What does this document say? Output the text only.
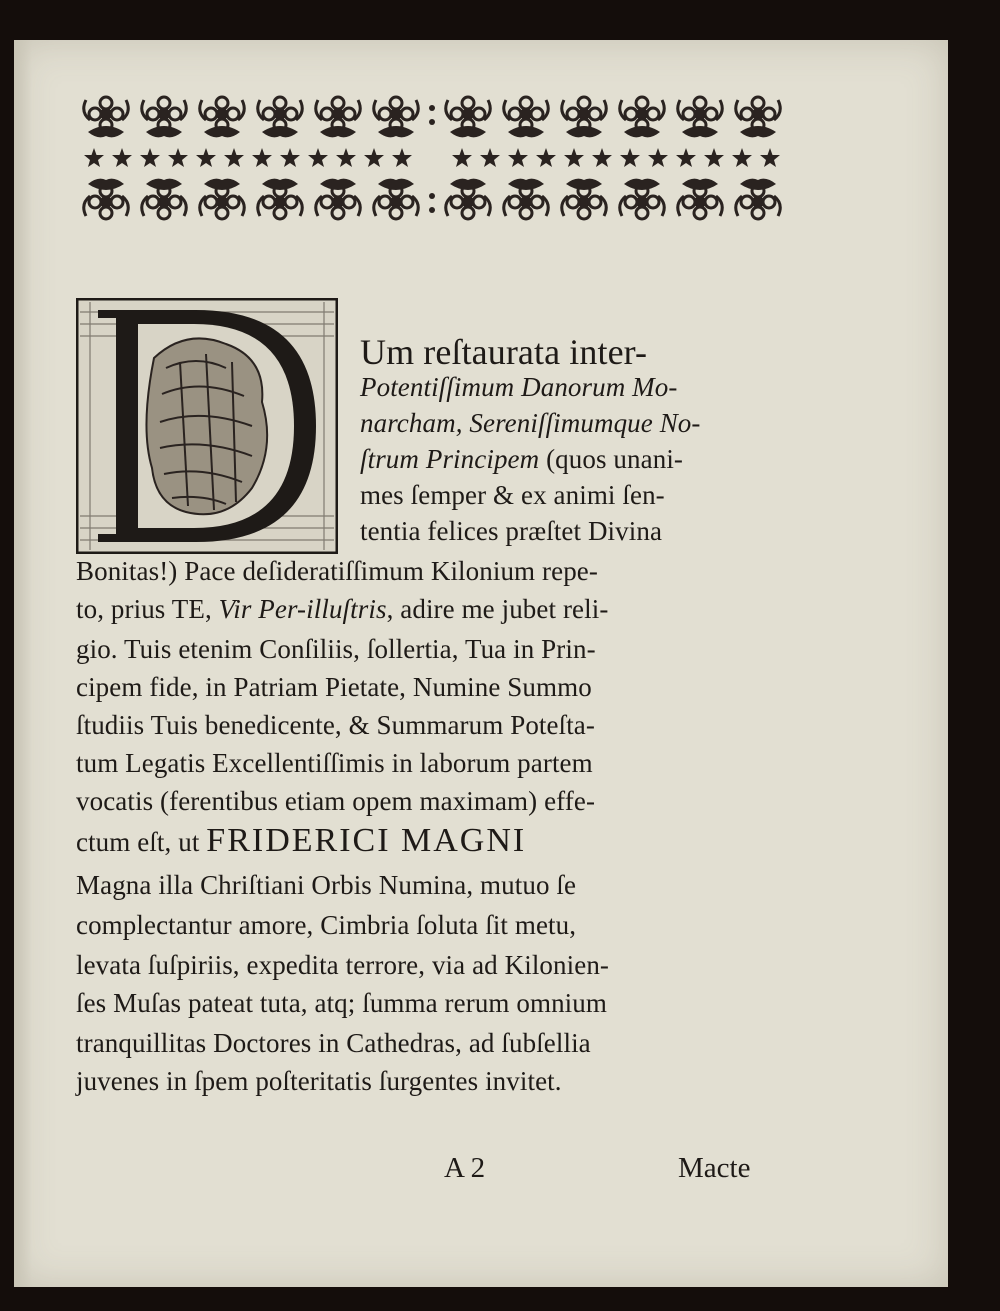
Um reſtaurata inter-
Potentiſſimum Danorum Mo-
narcham, Sereniſſimumque No-
ſtrum Principem (quos unani-
mes ſemper & ex animi ſen-
tentia felices præſtet Divina
Bonitas!) Pace deſideratiſſimum Kilonium repe-
to, prius TE, Vir Per-illuſtris, adire me jubet reli-
gio. Tuis etenim Conſiliis, ſollertia, Tua in Prin-
cipem fide, in Patriam Pietate, Numine Summo
ſtudiis Tuis benedicente, & Summarum Poteſta-
tum Legatis Excellentiſſimis in laborum partem
vocatis (ferentibus etiam opem maximam) effe-
ctum eſt, ut FRIDERICI MAGNI
Magna illa Chriſtiani Orbis Numina, mutuo ſe
complectantur amore, Cimbria ſoluta ſit metu,
levata ſuſpiriis, expedita terrore, via ad Kilonien-
ſes Muſas pateat tuta, atq; ſumma rerum omnium
tranquillitas Doctores in Cathedras, ad ſubſellia
juvenes in ſpem poſteritatis ſurgentes invitet.
A 2	Macte
